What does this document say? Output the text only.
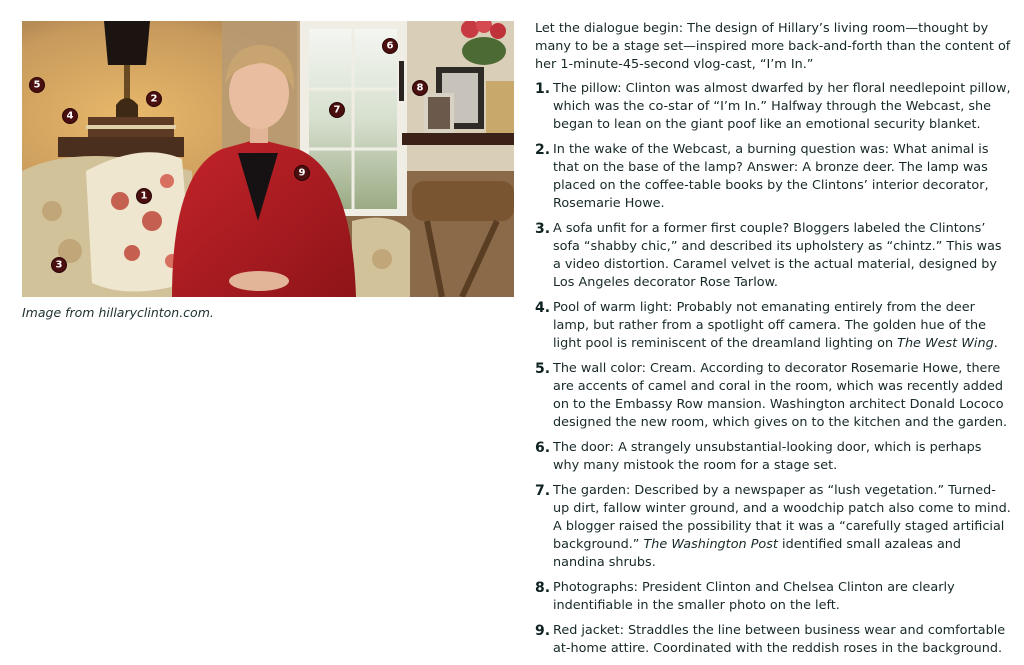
1
2
3
4
5
6
7
8
9
Image from hillaryclinton.com.

Let the dialogue begin: The design of Hillary’s living room—thought by many to be a stage set—inspired more back-and-forth than the content of her 1-minute-45-second vlog-cast, “I’m In.”

1. The pillow: Clinton was almost dwarfed by her floral needlepoint pillow, which was the co-star of “I’m In.” Halfway through the Webcast, she began to lean on the giant poof like an emotional security blanket.
2. In the wake of the Webcast, a burning question was: What animal is that on the base of the lamp? Answer: A bronze deer. The lamp was placed on the coffee-table books by the Clintons’ interior decorator, Rosemarie Howe.
3. A sofa unfit for a former first couple? Bloggers labeled the Clintons’ sofa “shabby chic,” and described its upholstery as “chintz.” This was a video distortion. Caramel velvet is the actual material, designed by Los Angeles decorator Rose Tarlow.
4. Pool of warm light: Probably not emanating entirely from the deer lamp, but rather from a spotlight off camera. The golden hue of the light pool is reminiscent of the dreamland lighting on The West Wing.
5. The wall color: Cream. According to decorator Rosemarie Howe, there are accents of camel and coral in the room, which was recently added on to the Embassy Row mansion. Washington architect Donald Lococo designed the new room, which gives on to the kitchen and the garden.
6. The door: A strangely unsubstantial-looking door, which is perhaps why many mistook the room for a stage set.
7. The garden: Described by a newspaper as “lush vegetation.” Turned-up dirt, fallow winter ground, and a woodchip patch also come to mind. A blogger raised the possibility that it was a “carefully staged artificial background.” The Washington Post identified small azaleas and nandina shrubs.
8. Photographs: President Clinton and Chelsea Clinton are clearly indentifiable in the smaller photo on the left.
9. Red jacket: Straddles the line between business wear and comfortable at-home attire. Coordinated with the reddish roses in the background.
